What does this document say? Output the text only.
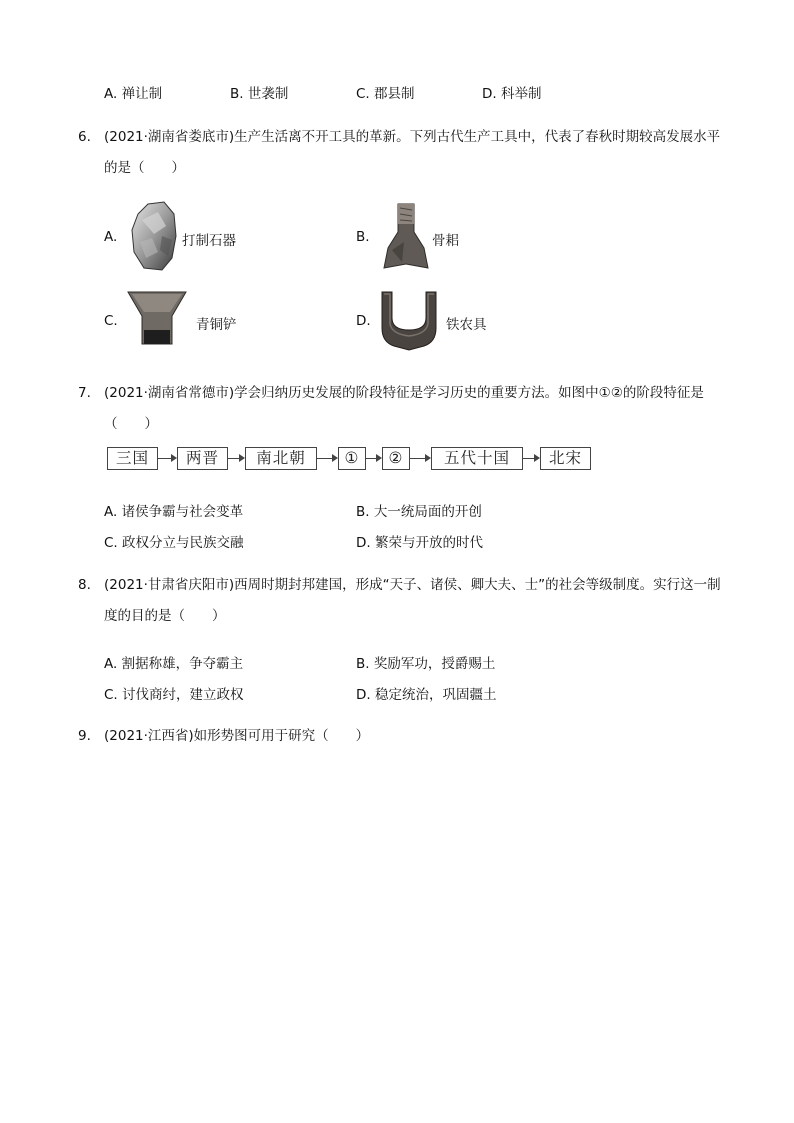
A. 禅让制	B. 世袭制	C. 郡县制	D. 科举制
6. (2021·湖南省娄底市)生产生活离不开工具的革新。下列古代生产工具中，代表了春秋时期较高发展水平的是（　　）
A.	打制石器	B.	骨耜
C.	青铜铲	D.	铁农具
7. (2021·湖南省常德市)学会归纳历史发展的阶段特征是学习历史的重要方法。如图中①②的阶段特征是（　　）
三国	两晋	南北朝	①	②	五代十国	北宋
A. 诸侯争霸与社会变革	B. 大一统局面的开创
C. 政权分立与民族交融	D. 繁荣与开放的时代
8. (2021·甘肃省庆阳市)西周时期封邦建国，形成“天子、诸侯、卿大夫、士”的社会等级制度。实行这一制度的目的是（　　）
A. 割据称雄，争夺霸主	B. 奖励军功，授爵赐土
C. 讨伐商纣，建立政权	D. 稳定统治，巩固疆土
9. (2021·江西省)如形势图可用于研究（　　）
